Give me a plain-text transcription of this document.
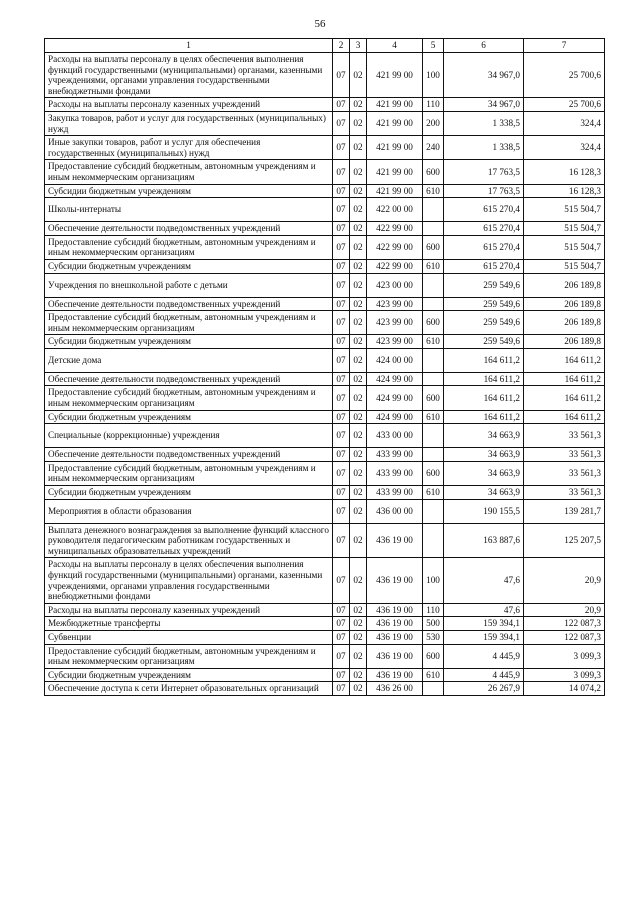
56
1	2	3	4	5	6	7
Расходы на выплаты персоналу в целях обеспечения выполнения функций государственными (муниципальными) органами, казенными учреждениями, органами управления государственными внебюджетными фондами	07	02	421 99 00	100	34 967,0	25 700,6
Расходы на выплаты персоналу казенных учреждений	07	02	421 99 00	110	34 967,0	25 700,6
Закупка товаров, работ и услуг для государственных (муниципальных) нужд	07	02	421 99 00	200	1 338,5	324,4
Иные закупки товаров, работ и услуг для обеспечения государственных (муниципальных) нужд	07	02	421 99 00	240	1 338,5	324,4
Предоставление субсидий бюджетным, автономным учреждениям и иным некоммерческим организациям	07	02	421 99 00	600	17 763,5	16 128,3
Субсидии бюджетным учреждениям	07	02	421 99 00	610	17 763,5	16 128,3
Школы-интернаты	07	02	422 00 00		615 270,4	515 504,7
Обеспечение деятельности подведомственных учреждений	07	02	422 99 00		615 270,4	515 504,7
Предоставление субсидий бюджетным, автономным учреждениям и иным некоммерческим организациям	07	02	422 99 00	600	615 270,4	515 504,7
Субсидии бюджетным учреждениям	07	02	422 99 00	610	615 270,4	515 504,7
Учреждения по внешкольной работе с детьми	07	02	423 00 00		259 549,6	206 189,8
Обеспечение деятельности подведомственных учреждений	07	02	423 99 00		259 549,6	206 189,8
Предоставление субсидий бюджетным, автономным учреждениям и иным некоммерческим организациям	07	02	423 99 00	600	259 549,6	206 189,8
Субсидии бюджетным учреждениям	07	02	423 99 00	610	259 549,6	206 189,8
Детские дома	07	02	424 00 00		164 611,2	164 611,2
Обеспечение деятельности подведомственных учреждений	07	02	424 99 00		164 611,2	164 611,2
Предоставление субсидий бюджетным, автономным учреждениям и иным некоммерческим организациям	07	02	424 99 00	600	164 611,2	164 611,2
Субсидии бюджетным учреждениям	07	02	424 99 00	610	164 611,2	164 611,2
Специальные (коррекционные) учреждения	07	02	433 00 00		34 663,9	33 561,3
Обеспечение деятельности подведомственных учреждений	07	02	433 99 00		34 663,9	33 561,3
Предоставление субсидий бюджетным, автономным учреждениям и иным некоммерческим организациям	07	02	433 99 00	600	34 663,9	33 561,3
Субсидии бюджетным учреждениям	07	02	433 99 00	610	34 663,9	33 561,3
Мероприятия в области образования	07	02	436 00 00		190 155,5	139 281,7
Выплата денежного вознаграждения за выполнение функций классного руководителя педагогическим работникам государственных и муниципальных образовательных учреждений	07	02	436 19 00		163 887,6	125 207,5
Расходы на выплаты персоналу в целях обеспечения выполнения функций государственными (муниципальными) органами, казенными учреждениями, органами управления государственными внебюджетными фондами	07	02	436 19 00	100	47,6	20,9
Расходы на выплаты персоналу казенных учреждений	07	02	436 19 00	110	47,6	20,9
Межбюджетные трансферты	07	02	436 19 00	500	159 394,1	122 087,3
Субвенции	07	02	436 19 00	530	159 394,1	122 087,3
Предоставление субсидий бюджетным, автономным учреждениям и иным некоммерческим организациям	07	02	436 19 00	600	4 445,9	3 099,3
Субсидии бюджетным учреждениям	07	02	436 19 00	610	4 445,9	3 099,3
Обеспечение доступа к сети Интернет образовательных организаций	07	02	436 26 00		26 267,9	14 074,2
